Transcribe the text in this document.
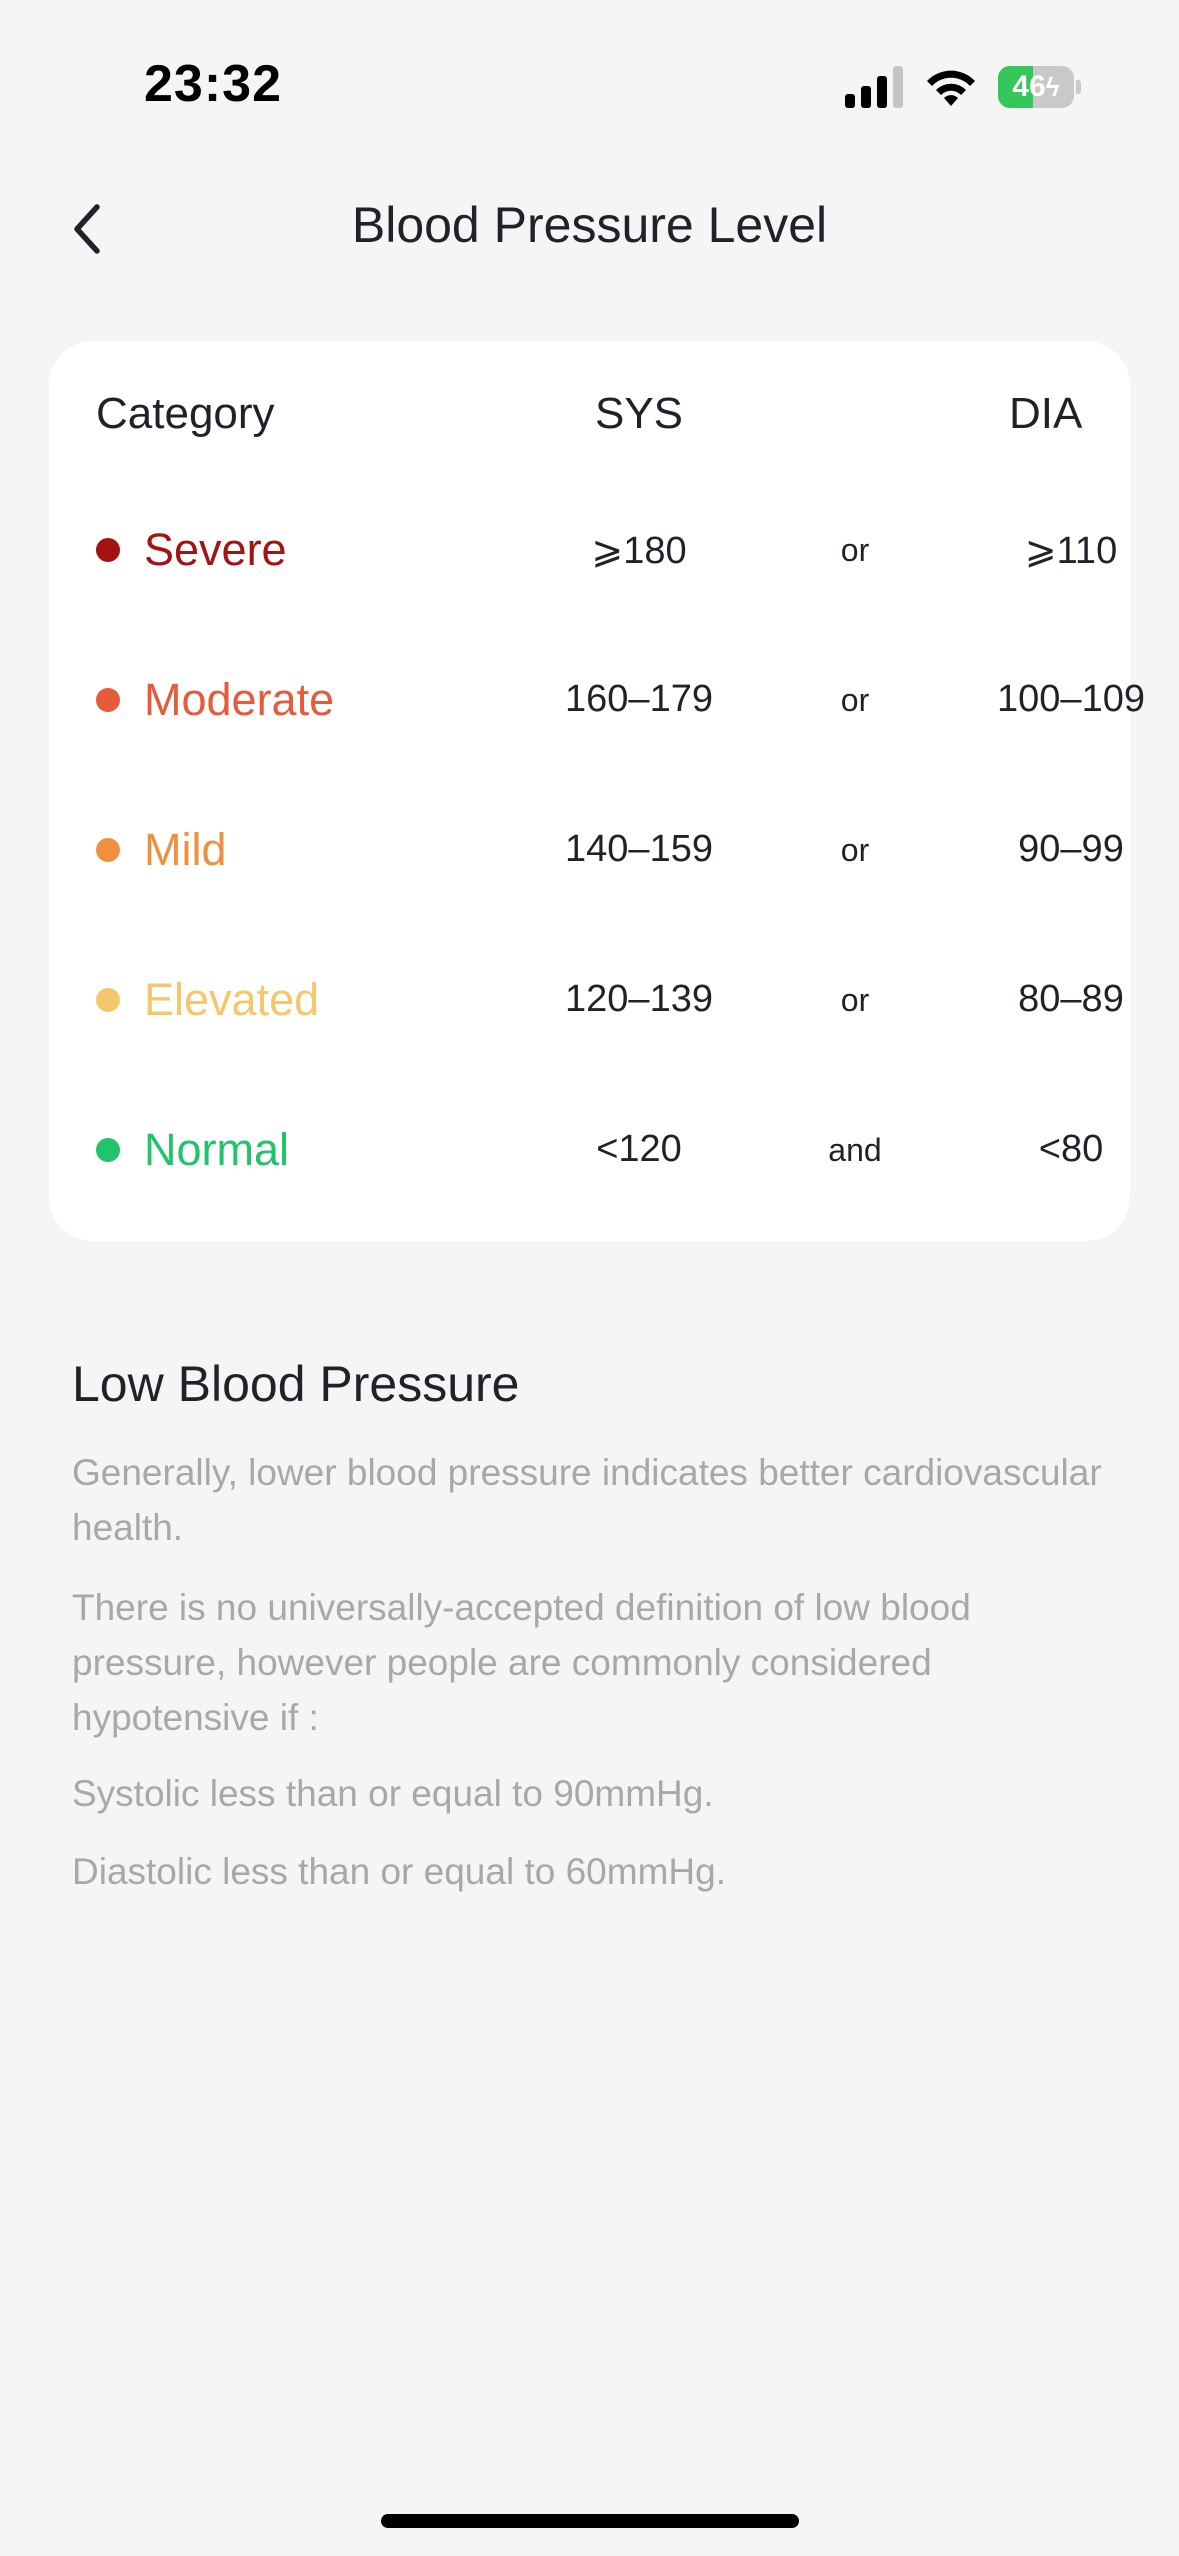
23:32	46ϟ
Blood Pressure Level
Category	SYS	DIA
Severe	⩾180	or	⩾110
Moderate	160–179	or	100–109
Mild	140–159	or	90–99
Elevated	120–139	or	80–89
Normal	<120	and	<80
Low Blood Pressure

Generally, lower blood pressure indicates better cardiovascular health.

There is no universally-accepted definition of low blood pressure, however people are commonly considered hypotensive if :

Systolic less than or equal to 90mmHg.

Diastolic less than or equal to 60mmHg.
